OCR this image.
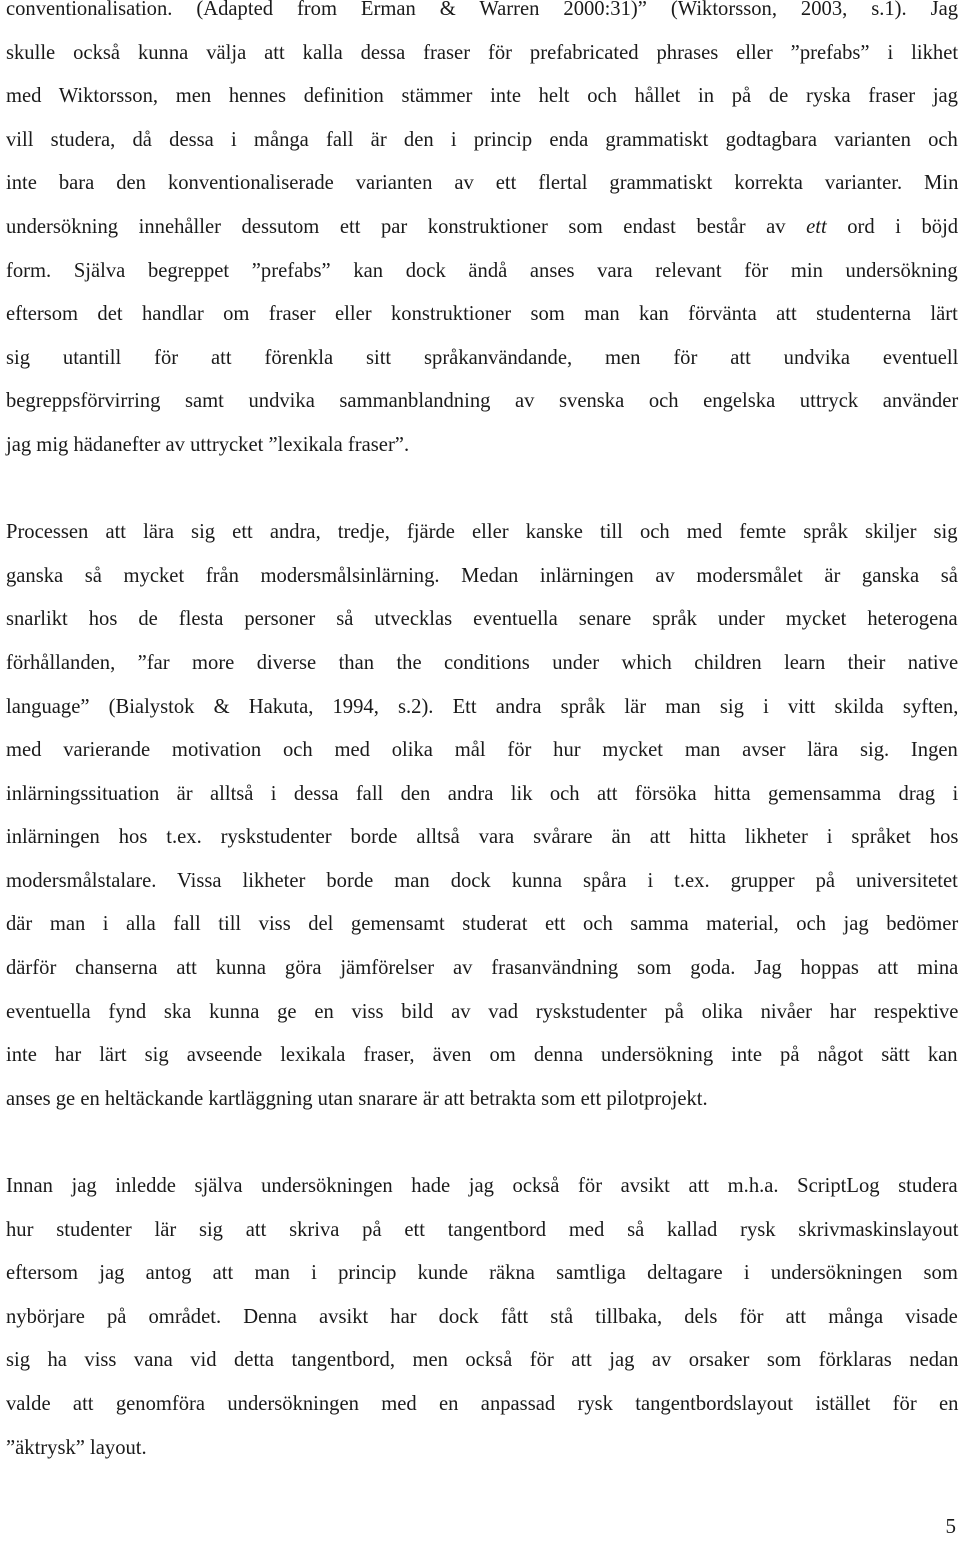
conventionalisation. (Adapted from Erman & Warren 2000:31)” (Wiktorsson, 2003, s.1). Jag
skulle också kunna välja att kalla dessa fraser för prefabricated phrases eller ”prefabs” i likhet
med Wiktorsson, men hennes definition stämmer inte helt och hållet in på de ryska fraser jag
vill studera, då dessa i många fall är den i princip enda grammatiskt godtagbara varianten och
inte bara den konventionaliserade varianten av ett flertal grammatiskt korrekta varianter. Min
undersökning innehåller dessutom ett par konstruktioner som endast består av ett ord i böjd
form. Själva begreppet ”prefabs” kan dock ändå anses vara relevant för min undersökning
eftersom det handlar om fraser eller konstruktioner som man kan förvänta att studenterna lärt
sig utantill för att förenkla sitt språkanvändande, men för att undvika eventuell
begreppsförvirring samt undvika sammanblandning av svenska och engelska uttryck använder
jag mig hädanefter av uttrycket ”lexikala fraser”.

Processen att lära sig ett andra, tredje, fjärde eller kanske till och med femte språk skiljer sig
ganska så mycket från modersmålsinlärning. Medan inlärningen av modersmålet är ganska så
snarlikt hos de flesta personer så utvecklas eventuella senare språk under mycket heterogena
förhållanden, ”far more diverse than the conditions under which children learn their native
language” (Bialystok & Hakuta, 1994, s.2). Ett andra språk lär man sig i vitt skilda syften,
med varierande motivation och med olika mål för hur mycket man avser lära sig. Ingen
inlärningssituation är alltså i dessa fall den andra lik och att försöka hitta gemensamma drag i
inlärningen hos t.ex. ryskstudenter borde alltså vara svårare än att hitta likheter i språket hos
modersmålstalare. Vissa likheter borde man dock kunna spåra i t.ex. grupper på universitetet
där man i alla fall till viss del gemensamt studerat ett och samma material, och jag bedömer
därför chanserna att kunna göra jämförelser av frasanvändning som goda. Jag hoppas att mina
eventuella fynd ska kunna ge en viss bild av vad ryskstudenter på olika nivåer har respektive
inte har lärt sig avseende lexikala fraser, även om denna undersökning inte på något sätt kan
anses ge en heltäckande kartläggning utan snarare är att betrakta som ett pilotprojekt.

Innan jag inledde själva undersökningen hade jag också för avsikt att m.h.a. ScriptLog studera
hur studenter lär sig att skriva på ett tangentbord med så kallad rysk skrivmaskinslayout
eftersom jag antog att man i princip kunde räkna samtliga deltagare i undersökningen som
nybörjare på området. Denna avsikt har dock fått stå tillbaka, dels för att många visade
sig ha viss vana vid detta tangentbord, men också för att jag av orsaker som förklaras nedan
valde att genomföra undersökningen med en anpassad rysk tangentbordslayout istället för en
”äktrysk” layout.

5
